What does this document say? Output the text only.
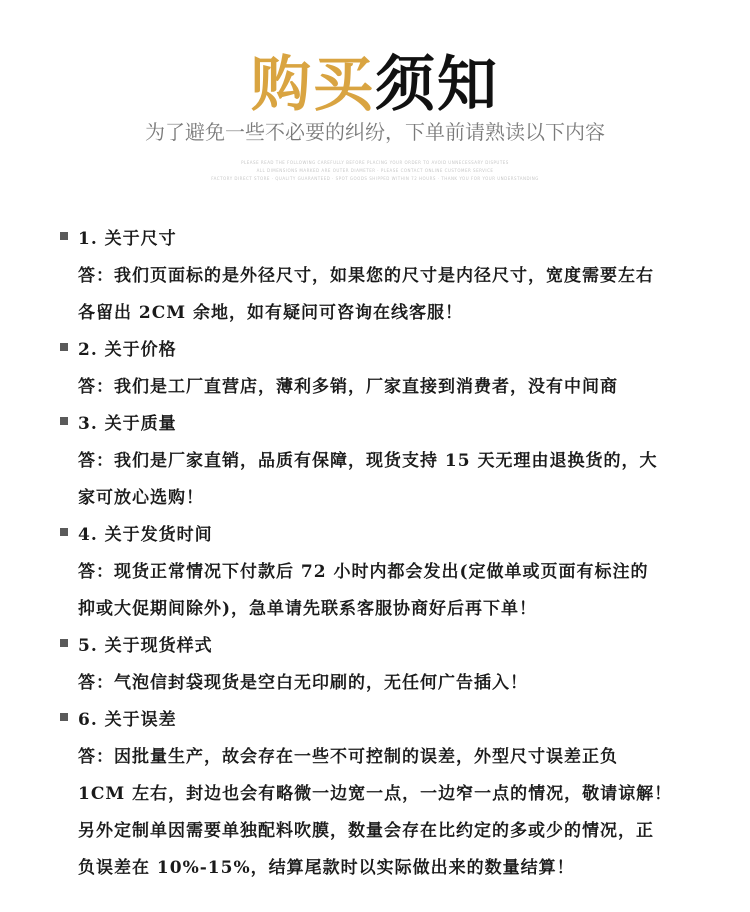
购买须知
为了避免一些不必要的纠纷，下单前请熟读以下内容
PLEASE READ THE FOLLOWING CAREFULLY BEFORE PLACING YOUR ORDER TO AVOID UNNECESSARY DISPUTES
ALL DIMENSIONS MARKED ARE OUTER DIAMETER · PLEASE CONTACT ONLINE CUSTOMER SERVICE
FACTORY DIRECT STORE · QUALITY GUARANTEED · SPOT GOODS SHIPPED WITHIN 72 HOURS · THANK YOU FOR YOUR UNDERSTANDING
1. 关于尺寸
答：我们页面标的是外径尺寸，如果您的尺寸是内径尺寸，宽度需要左右
各留出 2CM 余地，如有疑问可咨询在线客服！
2. 关于价格
答：我们是工厂直营店，薄利多销，厂家直接到消费者，没有中间商
3. 关于质量
答：我们是厂家直销，品质有保障，现货支持 15 天无理由退换货的，大
家可放心选购！
4. 关于发货时间
答：现货正常情况下付款后 72 小时内都会发出(定做单或页面有标注的
抑或大促期间除外)，急单请先联系客服协商好后再下单！
5. 关于现货样式
答：气泡信封袋现货是空白无印刷的，无任何广告插入！
6. 关于误差
答：因批量生产，故会存在一些不可控制的误差，外型尺寸误差正负
1CM 左右，封边也会有略微一边宽一点，一边窄一点的情况，敬请谅解！
另外定制单因需要单独配料吹膜，数量会存在比约定的多或少的情况，正
负误差在 10%-15%，结算尾款时以实际做出来的数量结算！
